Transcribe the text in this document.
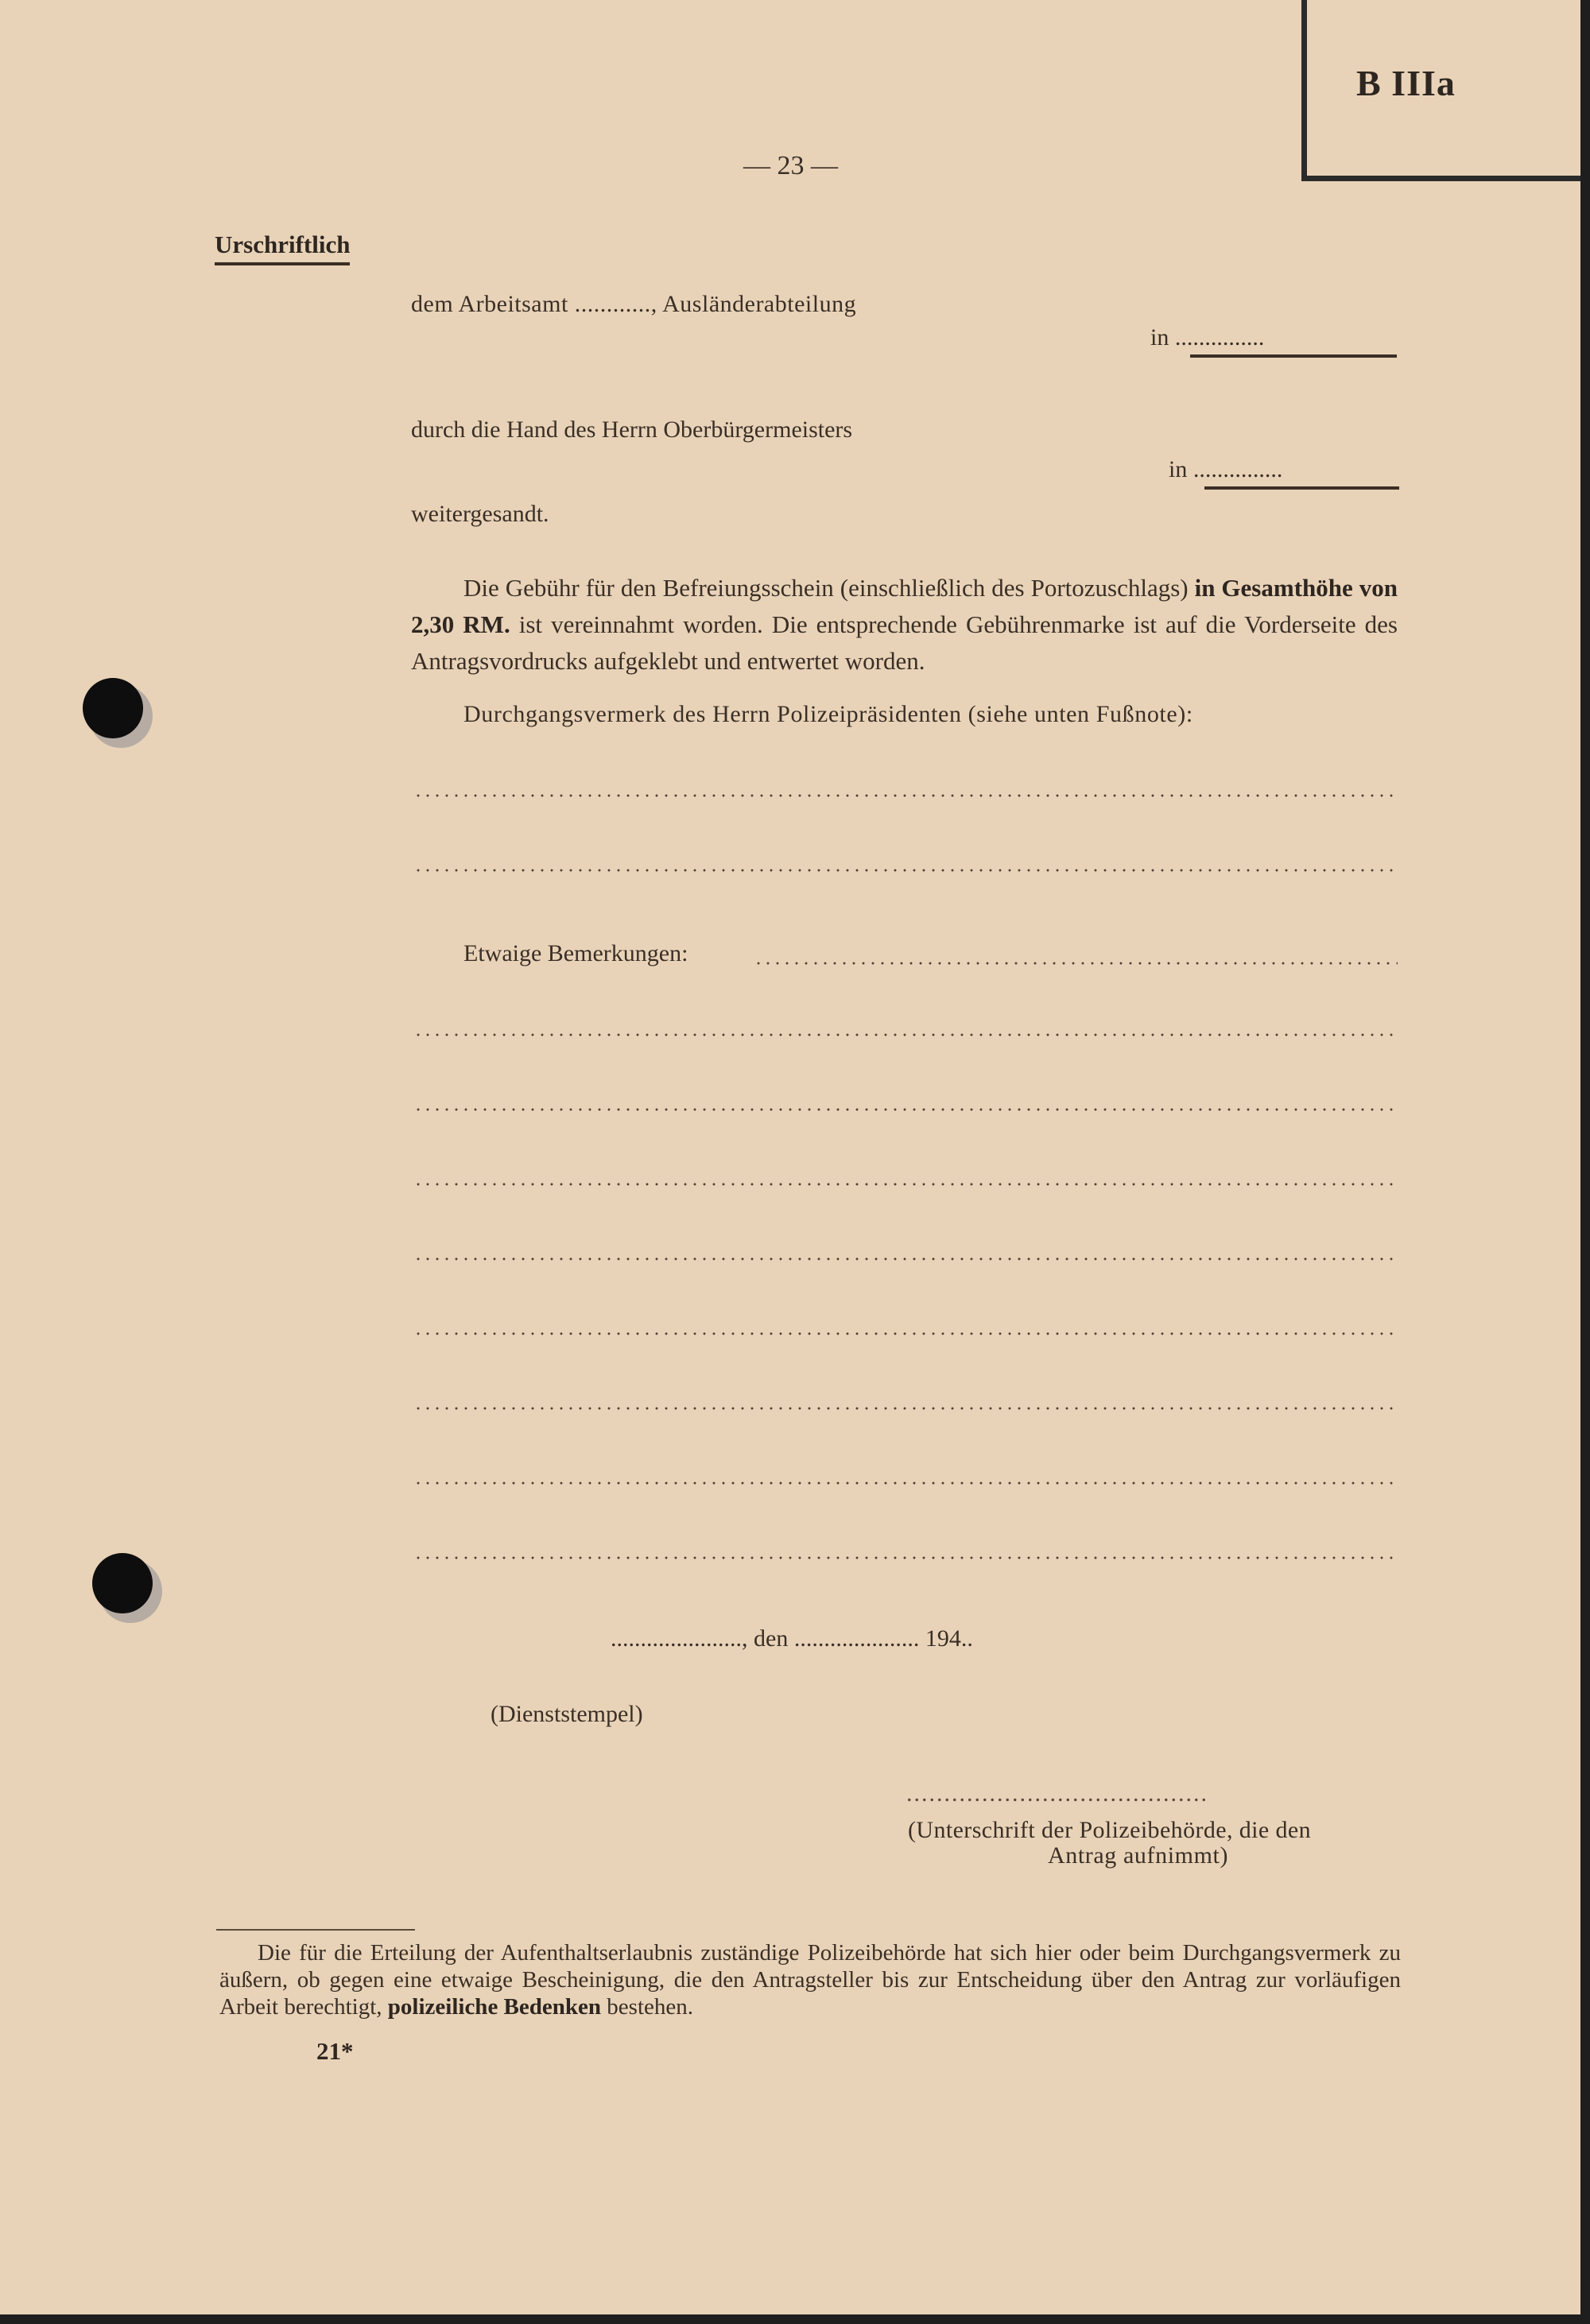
B IIIa
— 23 —
Urschriftlich
dem Arbeitsamt ............, Ausländerabteilung
in ...............
durch die Hand des Herrn Oberbürgermeisters
in ...............
weitergesandt.
Die Gebühr für den Befreiungsschein (einschließlich des Portozuschlags) in Gesamthöhe von 2,30 RM. ist vereinnahmt worden. Die entsprechende Gebührenmarke ist auf die Vorderseite des Antragsvordrucks aufgeklebt und entwertet worden.
Durchgangsvermerk des Herrn Polizeipräsidenten (siehe unten Fußnote):
Etwaige Bemerkungen:
......................, den ..................... 194..
(Dienststempel)
........................................
(Unterschrift der Polizeibehörde, die den
Antrag aufnimmt)
Die für die Erteilung der Aufenthaltserlaubnis zuständige Polizeibehörde hat sich hier oder beim Durchgangsvermerk zu äußern, ob gegen eine etwaige Bescheinigung, die den Antragsteller bis zur Entscheidung über den Antrag zur vorläufigen Arbeit berechtigt, polizeiliche Bedenken bestehen.
21*
